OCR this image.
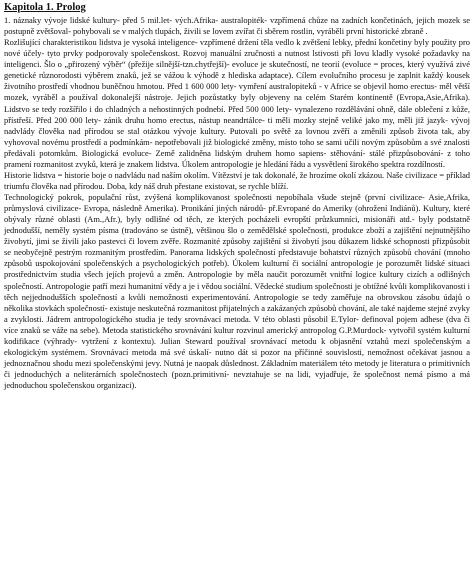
Kapitola 1. Prolog

1. náznaky vývoje lidské kultury- před 5 mil.let- vých.Afrika- australopiték- vzpřímená chůze na zadních končetinách, jejich mozek se postupně zvětšoval- pohybovali se v malých tlupách, živili se lovem zvířat či sběrem rostlin, vyráběli první historické zbraně .

Rozlišující charakteristikou lidstva je vysoká inteligence- vzpřímené držení těla vedlo k zvětšení lebky, přední končetiny byly použity pro nové účely- tyto prvky podporovaly společenskost. Rozvoj manuální zručnosti a nutnost lstivosti při lovu kladly vysoké požadavky na inteligenci. Šlo o „přirozený výběr“ (přežije silnější-tzn.chytřejší)- evoluce je skutečností, ne teorií (evoluce = proces, který využívá zivé genetické různorodosti výběrem znaků, jež se vážou k výhodě z hlediska adaptace). Cílem evolučního procesu je zaplnit každý kousek životního prostředí vhodnou buněčnou hmotou. Před 1 600 000 lety- vymření australopiteků - v Africe se objevil homo erectus- měl větší mozek, vyráběl a používal dokonalejší nástroje. Jejich pozůstatky byly objeveny na celém Starém kontinentě (Evropa,Asie,Afrika). Lidstvo se tedy rozšířilo i do chladných a nehostinných podnebí. Před 500 000 lety- vynalezeno rozdělávání ohně, dále oblečení z kůže, přístřeší. Před 200 000 lety- zánik druhu homo erectus, nástup neandrtálce- ti měli mozky stejně veliké jako my, měli již jazyk- vývoj nadvlády člověka nad přírodou se stal otázkou vývoje kultury. Putovali po světě za lovnou zvěří a změnili způsob života tak, aby vyhovoval novému prostředí a podmínkám- nepotřebovali již biologické změny, místo toho se sami učili novým způsobům a své znalosti předávali potomkům. Biologická evoluce- Země zalidněna lidským druhem homo sapiens- stěhování- stálé přizpůsobování- z toho pramení rozmanitost zvyků, která je znakem lidstva. Úkolem antropologie je hledání řádu a vysvětlení širokého spektra rozdílností.

Historie lidstva = historie boje o nadvládu nad naším okolím. Vítězství je tak dokonalé, že hrozíme okolí zkázou. Naše civilizace = příklad triumfu člověka nad přírodou. Doba, kdy náš druh přestane existovat, se rychle blíží.

Technologický pokrok, populační růst, zvýšená komplikovanost společnosti nepobíhala všude stejně (první civilizace- Asie,Afrika, průmyslová civilizace- Evropa, následně Amerika). Pronikání jiných národů- př.Evropané do Ameriky (ohrožení Indiánů). Kultury, které obývaly různé oblasti (Am.,Afr.), byly odlišné od těch, ze kterých pocházeli evropští průzkumníci, misionáři atd.- byly podstatně jednodušší, neměly systém písma (tradováno se ústně), většinou šlo o zemědělské společnosti, produkce zboží a zajištění nejnutnějšího živobytí, jimi se živili jako pastevci či lovem zvěře. Rozmanité způsoby zajištění si živobytí jsou důkazem lidské schopnosti přizpůsobit se neobyčejně pestrým rozmanitým prostředím. Panorama lidských společností představuje bohatství různých způsobů chování (mnoho způsobů uspokojování společenských a psychologických potřeb). Úkolem kulturní či sociální antropologie je porozumět lidské situaci prostřednictvím studia všech jejích projevů a změn. Antropologie by měla naučit porozumět vnitřní logice kultury cizích a odlišných společností. Antropologie patří mezi humanitní vědy a je i vědou sociální. Vědecké studium společnosti je obtížné kvůli komplikovanosti i těch nejjednodušších společností a kvůli nemožnosti experimentování. Antropologie se tedy zaměřuje na obrovskou zásobu údajů o několika stovkách společností- existuje neskutečná rozmanitost přijatelných a zakázaných způsobů chování, ale také najdeme stejné zvyky a zvyklosti. Jádrem antropologického studia je tedy srovnávací metoda. V této oblasti působil E.Tylor- definoval pojem adhese (dva či více znaků se váže na sebe). Metoda statistického srovnávání kultur rozvinul americký antropolog G.P.Murdock- vytvořil systém kulturní kodifikace (výhrady- vytržení z kontextu). Julian Steward používal srovnávací metodu k objasnění vztahů mezi společenským a ekologickým systémem. Srovnávací metoda má své úskalí- nutno dát si pozor na příčinné souvislosti, nemožnost očekávat jasnou a jednoznačnou shodu mezi společenskými jevy. Nutná je naopak důslednost. Základním materiálem této metody je literatura o primitivních či jednoduchých a neliterárních společnostech (pozn.primitivní- nevztahuje se na lidi, vyjadřuje, že společnost nemá písmo a má jednoduchou společenskou organizaci).
